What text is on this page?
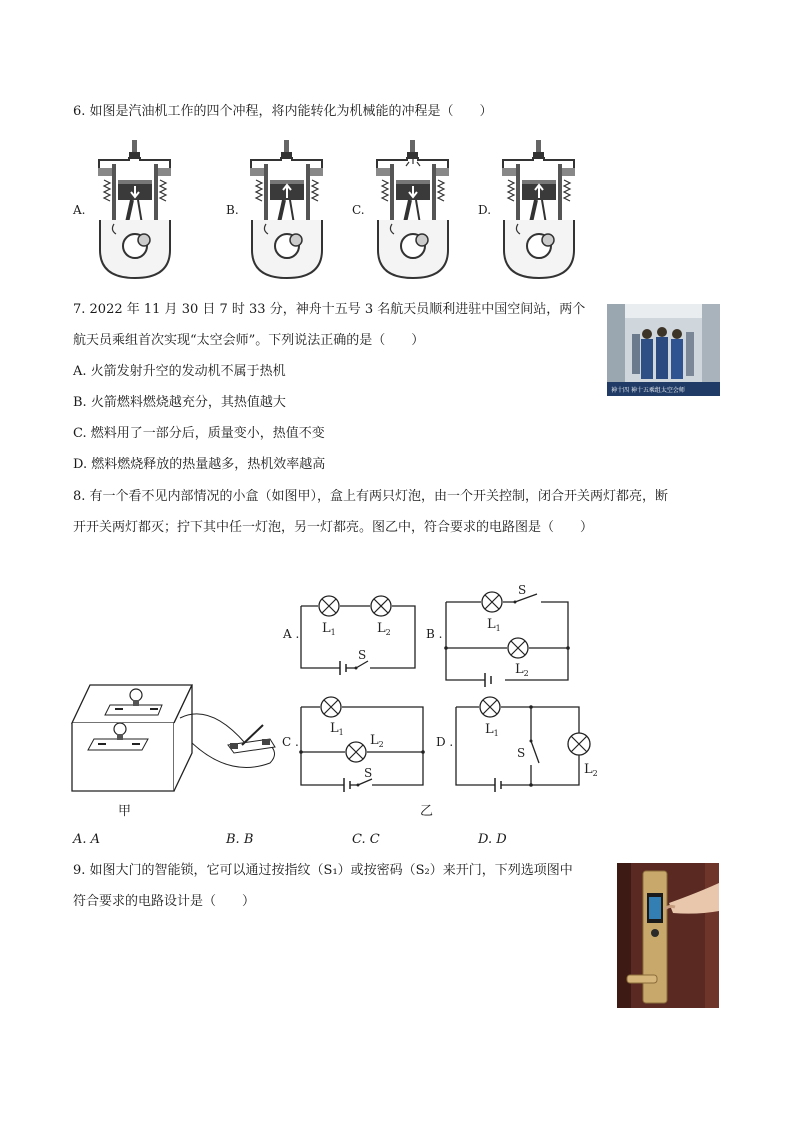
6. 如图是汽油机工作的四个冲程，将内能转化为机械能的冲程是（　　）
A.	B.	C.	D.
7. 2022 年 11 月 30 日 7 时 33 分，神舟十五号 3 名航天员顺利进驻中国空间站，两个
航天员乘组首次实现“太空会师”。下列说法正确的是（　　）
A. 火箭发射升空的发动机不属于热机
B. 火箭燃料燃烧越充分，其热值越大
C. 燃料用了一部分后，质量变小，热值不变
D. 燃料燃烧释放的热量越多，热机效率越高
神十四 神十五乘组太空会师
8. 有一个看不见内部情况的小盒（如图甲），盒上有两只灯泡，由一个开关控制，闭合开关两灯都亮，断
开开关两灯都灭；拧下其中任一灯泡，另一灯都亮。图乙中，符合要求的电路图是（　　）
A . $L_1$	$L_2$
S
B .
$L_1$
$L_2$
S
甲
C .
$L_1$
$L_2$
S
D .
$L_1$
$L_2$
S
乙
A. A	B. B	C. C	D. D
9. 如图大门的智能锁，它可以通过按指纹（S₁）或按密码（S₂）来开门，下列选项图中
符合要求的电路设计是（　　）
